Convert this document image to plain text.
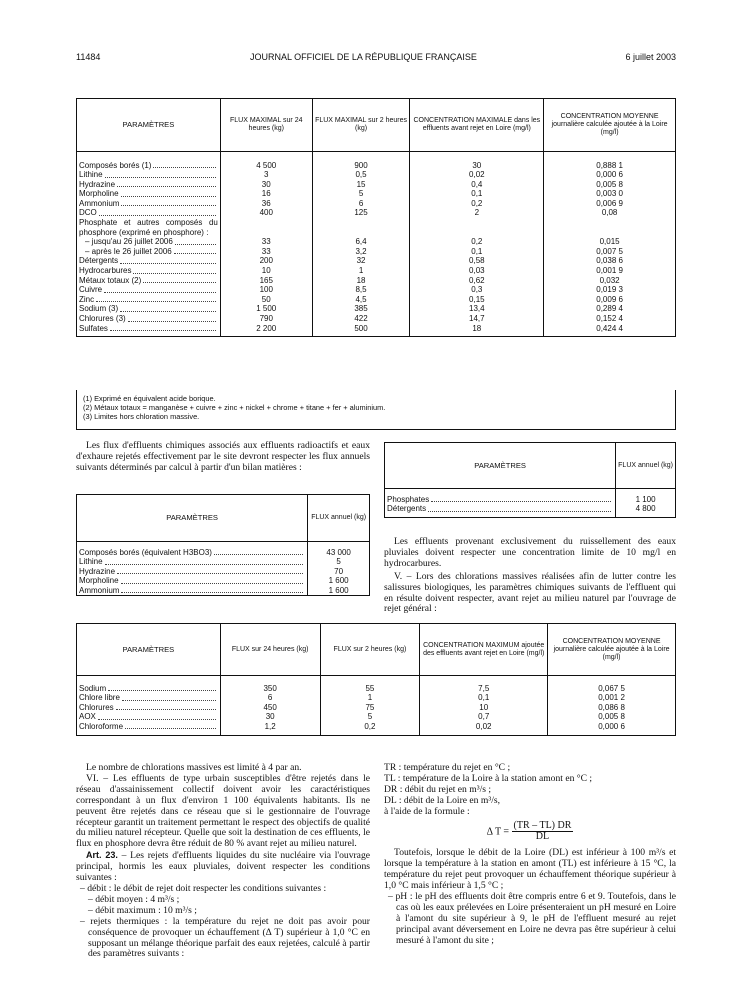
11484	JOURNAL OFFICIEL DE LA RÉPUBLIQUE FRANÇAISE	6 juillet 2003
PARAMÈTRES	FLUX MAXIMAL sur 24 heures (kg)	FLUX MAXIMAL sur 2 heures (kg)	CONCENTRATION MAXIMALE dans les effluents avant rejet en Loire (mg/l)	CONCENTRATION MOYENNE journalière calculée ajoutée à la Loire (mg/l)

Composés borés (1)	4 500	900	30	0,888 1

Lithine	3	0,5	0,02	0,000 6

Hydrazine	30	15	0,4	0,005 8

Morpholine	16	5	0,1	0,003 0

Ammonium	36	6	0,2	0,006 9

DCO	400	125	2	0,08
Phosphate et autres composés du phosphore (exprimé en phosphore) :				

– jusqu'au 26 juillet 2006	33	6,4	0,2	0,015

– après le 26 juillet 2006	33	3,2	0,1	0,007 5

Détergents	200	32	0,58	0,038 6

Hydrocarbures	10	1	0,03	0,001 9

Métaux totaux (2)	165	18	0,62	0,032

Cuivre	100	8,5	0,3	0,019 3

Zinc	50	4,5	0,15	0,009 6

Sodium (3)	1 500	385	13,4	0,289 4

Chlorures (3)	790	422	14,7	0,152 4

Sulfates	2 200	500	18	0,424 4

(1) Exprimé en équivalent acide borique.
(2) Métaux totaux = manganèse + cuivre + zinc + nickel + chrome + titane + fer + aluminium.
(3) Limites hors chloration massive.

Les flux d'effluents chimiques associés aux effluents radioactifs et eaux d'exhaure rejetés effectivement par le site devront respecter les flux annuels suivants déterminés par calcul à partir d'un bilan matières :

PARAMÈTRES	FLUX annuel (kg)

Composés borés (équivalent H3BO3)	43 000

Lithine	5

Hydrazine	70

Morpholine	1 600

Ammonium	1 600
PARAMÈTRES	FLUX annuel (kg)

Phosphates	1 100

Détergents	4 800

Les effluents provenant exclusivement du ruissellement des eaux pluviales doivent respecter une concentration limite de 10 mg/l en hydrocarbures.

V. – Lors des chlorations massives réalisées afin de lutter contre les salissures biologiques, les paramètres chimiques suivants de l'effluent qui en résulte doivent respecter, avant rejet au milieu naturel par l'ouvrage de rejet général :

PARAMÈTRES	FLUX sur 24 heures (kg)	FLUX sur 2 heures (kg)	CONCENTRATION MAXIMUM ajoutée des effluents avant rejet en Loire (mg/l)	CONCENTRATION MOYENNE journalière calculée ajoutée à la Loire (mg/l)

Sodium	350	55	7,5	0,067 5

Chlore libre	6	1	0,1	0,001 2

Chlorures	450	75	10	0,086 8

AOX	30	5	0,7	0,005 8

Chloroforme	1,2	0,2	0,02	0,000 6

Le nombre de chlorations massives est limité à 4 par an.

VI. – Les effluents de type urbain susceptibles d'être rejetés dans le réseau d'assainissement collectif doivent avoir les caractéristiques correspondant à un flux d'environ 1 100 équivalents habitants. Ils ne peuvent être rejetés dans ce réseau que si le gestionnaire de l'ouvrage récepteur garantit un traitement permettant le respect des objectifs de qualité du milieu naturel récepteur. Quelle que soit la destination de ces effluents, le flux en phosphore devra être réduit de 80 % avant rejet au milieu naturel.

Art. 23. – Les rejets d'effluents liquides du site nucléaire via l'ouvrage principal, hormis les eaux pluviales, doivent respecter les conditions suivantes :

– débit : le débit de rejet doit respecter les conditions suivantes :

– débit moyen : 4 m³/s ;

– débit maximum : 10 m³/s ;

– rejets thermiques : la température du rejet ne doit pas avoir pour conséquence de provoquer un échauffement (Δ T) supérieur à 1,0 °C en supposant un mélange théorique parfait des eaux rejetées, calculé à partir des paramètres suivants :

TR : température du rejet en °C ;

TL : température de la Loire à la station amont en °C ;

DR : débit du rejet en m³/s ;

DL : débit de la Loire en m³/s,

à l'aide de la formule :

Δ $T = \frac{(TR - TL) DR}{DL}$

Toutefois, lorsque le débit de la Loire (DL) est inférieur à 100 m³/s et lorsque la température à la station en amont (TL) est inférieure à 15 °C, la température du rejet peut provoquer un échauffement théorique supérieur à 1,0 °C mais inférieur à 1,5 °C ;

– pH : le pH des effluents doit être compris entre 6 et 9. Toutefois, dans le cas où les eaux prélevées en Loire présenteraient un pH mesuré en Loire à l'amont du site supérieur à 9, le pH de l'effluent mesuré au rejet principal avant déversement en Loire ne devra pas être supérieur à celui mesuré à l'amont du site ;
